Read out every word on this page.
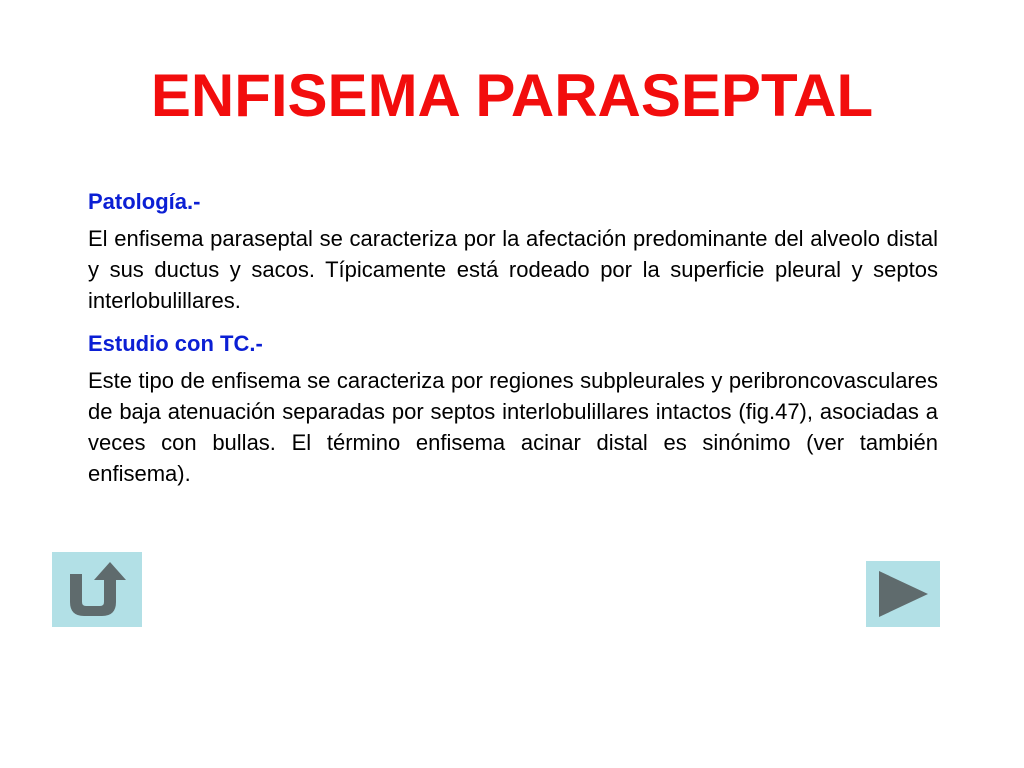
ENFISEMA PARASEPTAL

Patología.-

El enfisema paraseptal se caracteriza por la afectación predominante del alveolo distal y sus ductus y sacos. Típicamente está rodeado por la superficie pleural y septos interlobulillares.

Estudio con TC.-

Este tipo de enfisema se caracteriza por regiones subpleurales y peribroncovasculares de baja atenuación separadas por septos interlobulillares intactos (fig.47), asociadas a veces con bullas. El término enfisema acinar distal es sinónimo (ver también enfisema).
